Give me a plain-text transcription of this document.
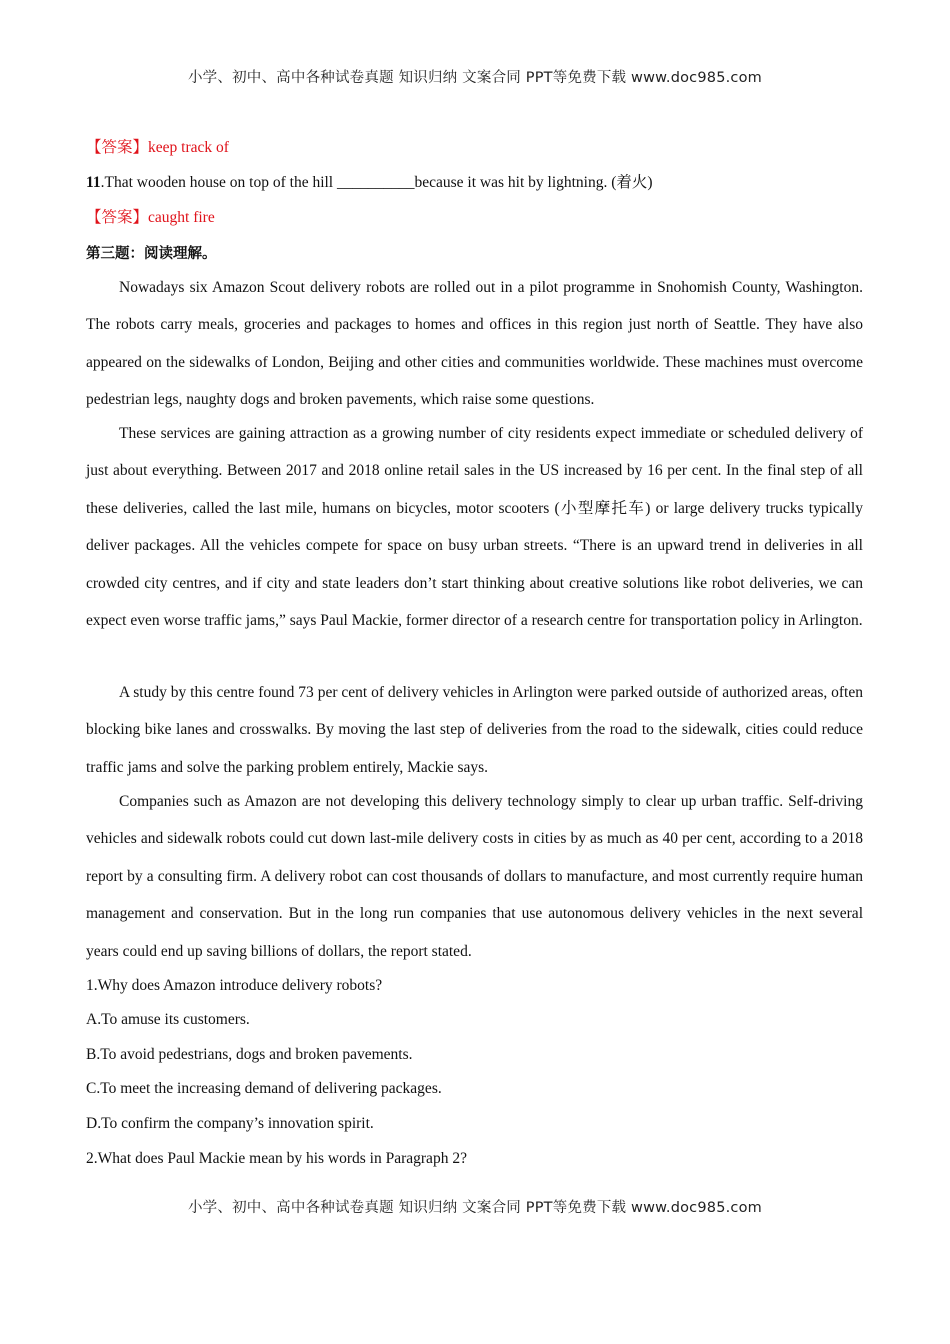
小学、初中、高中各种试卷真题 知识归纳 文案合同 PPT等免费下载 www.doc985.com
【答案】keep track of
11.That wooden house on top of the hill __________because it was hit by lightning. (着火)
【答案】caught fire
第三题：阅读理解。

Nowadays six Amazon Scout delivery robots are rolled out in a pilot programme in Snohomish County, Washington. The robots carry meals, groceries and packages to homes and offices in this region just north of Seattle. They have also appeared on the sidewalks of London, Beijing and other cities and communities worldwide. These machines must overcome pedestrian legs, naughty dogs and broken pavements, which raise some questions.

These services are gaining attraction as a growing number of city residents expect immediate or scheduled delivery of just about everything. Between 2017 and 2018 online retail sales in the US increased by 16 per cent. In the final step of all these deliveries, called the last mile, humans on bicycles, motor scooters (小型摩托车) or large delivery trucks typically deliver packages. All the vehicles compete for space on busy urban streets. “There is an upward trend in deliveries in all crowded city centres, and if city and state leaders don’t start thinking about creative solutions like robot deliveries, we can expect even worse traffic jams,” says Paul Mackie, former director of a research centre for transportation policy in Arlington.

A study by this centre found 73 per cent of delivery vehicles in Arlington were parked outside of authorized areas, often blocking bike lanes and crosswalks. By moving the last step of deliveries from the road to the sidewalk, cities could reduce traffic jams and solve the parking problem entirely, Mackie says.

Companies such as Amazon are not developing this delivery technology simply to clear up urban traffic. Self-driving vehicles and sidewalk robots could cut down last-mile delivery costs in cities by as much as 40 per cent, according to a 2018 report by a consulting firm. A delivery robot can cost thousands of dollars to manufacture, and most currently require human management and conservation. But in the long run companies that use autonomous delivery vehicles in the next several years could end up saving billions of dollars, the report stated.

1.Why does Amazon introduce delivery robots?
A.To amuse its customers.
B.To avoid pedestrians, dogs and broken pavements.
C.To meet the increasing demand of delivering packages.
D.To confirm the company’s innovation spirit.
2.What does Paul Mackie mean by his words in Paragraph 2?
小学、初中、高中各种试卷真题 知识归纳 文案合同 PPT等免费下载 www.doc985.com
